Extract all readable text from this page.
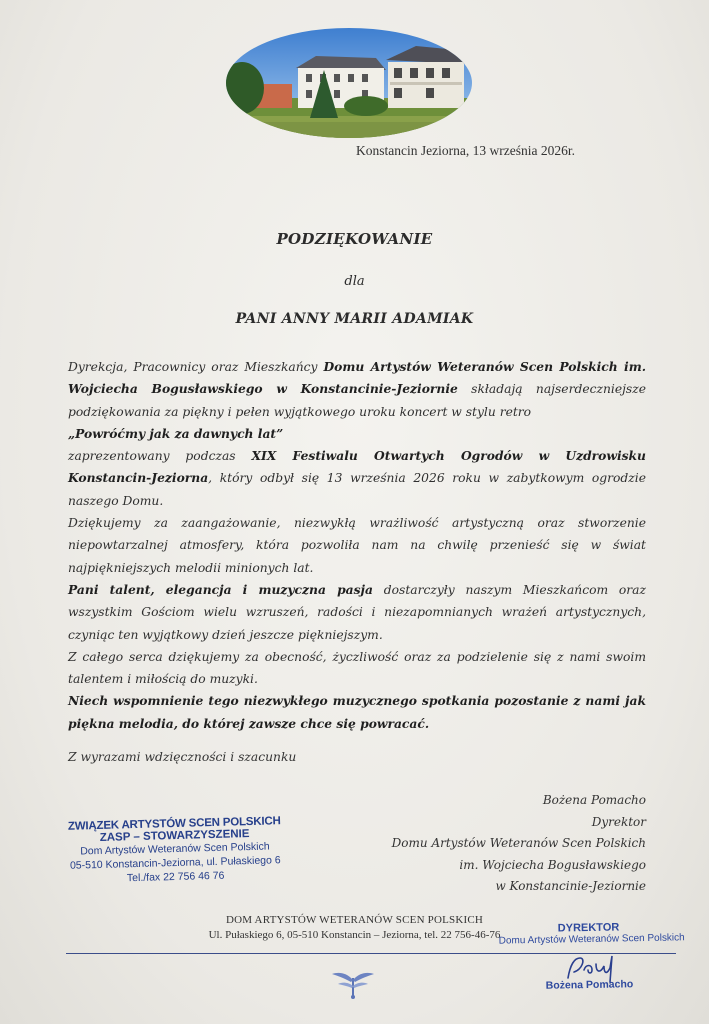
Konstancin Jeziorna, 13 września 2026r.
PODZIĘKOWANIE
dla
PANI ANNY MARII ADAMIAK

Dyrekcja, Pracownicy oraz Mieszkańcy Domu Artystów Weteranów Scen Polskich im. Wojciecha Bogusławskiego w Konstancinie-Jeziornie składają najserdeczniejsze podziękowania za piękny i pełen wyjątkowego uroku koncert w stylu retro

„Powróćmy jak za dawnych lat”

zaprezentowany podczas XIX Festiwalu Otwartych Ogrodów w Uzdrowisku Konstancin-Jeziorna, który odbył się 13 września 2026 roku w zabytkowym ogrodzie naszego Domu.

Dziękujemy za zaangażowanie, niezwykłą wrażliwość artystyczną oraz stworzenie niepowtarzalnej atmosfery, która pozwoliła nam na chwilę przenieść się w świat najpiękniejszych melodii minionych lat.

Pani talent, elegancja i muzyczna pasja dostarczyły naszym Mieszkańcom oraz wszystkim Gościom wielu wzruszeń, radości i niezapomnianych wrażeń artystycznych, czyniąc ten wyjątkowy dzień jeszcze piękniejszym.

Z całego serca dziękujemy za obecność, życzliwość oraz za podzielenie się z nami swoim talentem i miłością do muzyki.

Niech wspomnienie tego niezwykłego muzycznego spotkania pozostanie z nami jak piękna melodia, do której zawsze chce się powracać.

Z wyrazami wdzięczności i szacunku
Bożena Pomacho
Dyrektor
Domu Artystów Weteranów Scen Polskich
im. Wojciecha Bogusławskiego
w Konstancinie-Jeziornie
ZWIĄZEK ARTYSTÓW SCEN POLSKICH
ZASP – STOWARZYSZENIE
Dom Artystów Weteranów Scen Polskich
05-510 Konstancin-Jeziorna, ul. Pułaskiego 6
Tel./fax 22 756 46 76
DOM ARTYSTÓW WETERANÓW SCEN POLSKICH
Ul. Pułaskiego 6, 05-510 Konstancin – Jeziorna, tel. 22 756-46-76
DYREKTOR
Domu Artystów Weteranów Scen Polskich
Bożena Pomacho
